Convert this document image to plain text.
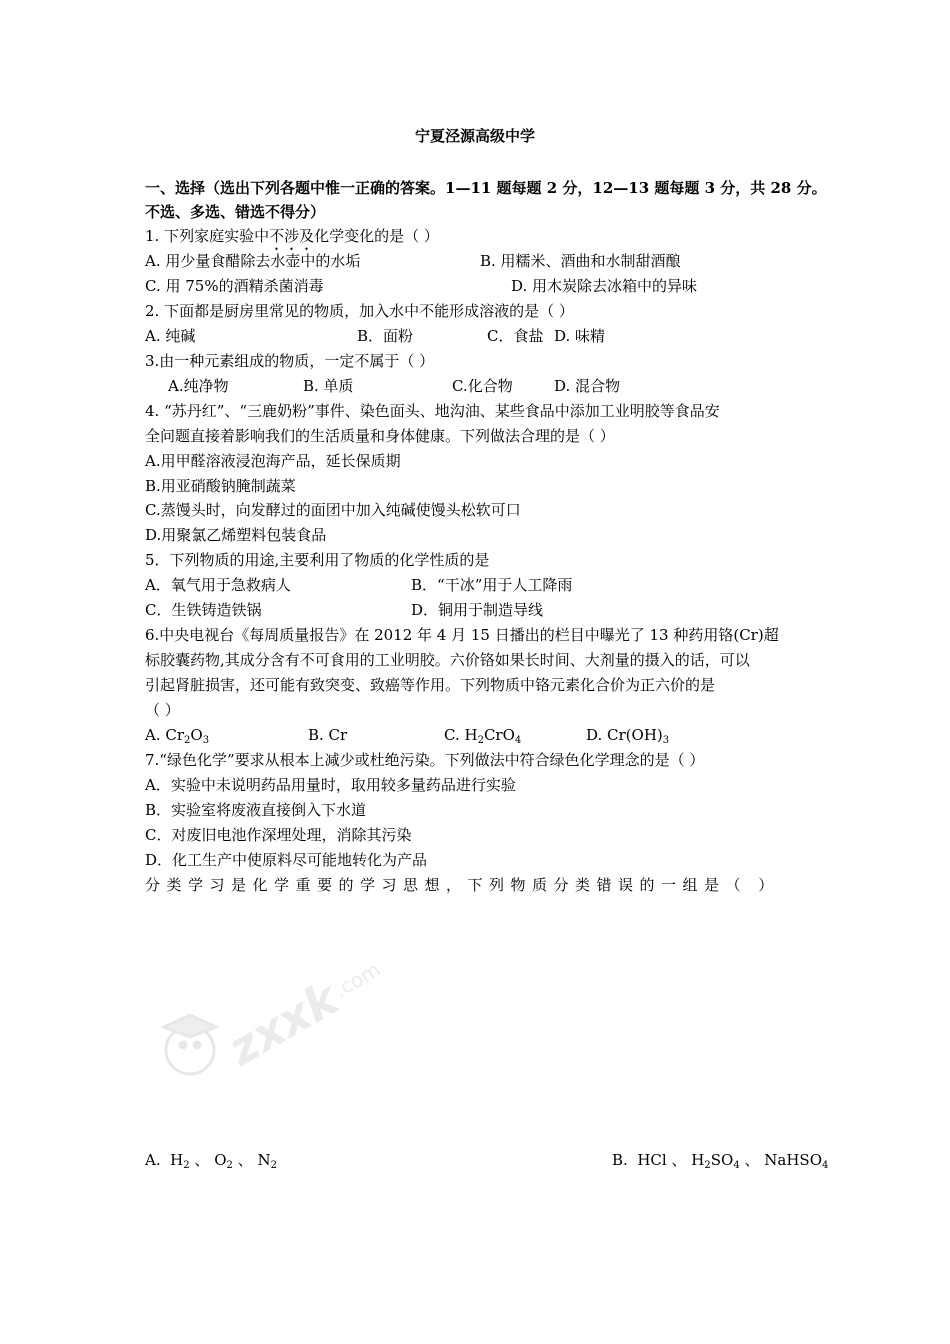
宁夏泾源高级中学
一、选择（选出下列各题中惟一正确的答案。1—11 题每题 2 分，12—13 题每题 3 分，共 28 分。
不选、多选、错选不得分）
1. 下列家庭实验中不涉及化学变化的是（ ）
A. 用少量食醋除去水壶中的水垢	B. 用糯米、酒曲和水制甜酒酿
C. 用 75%的酒精杀菌消毒	D. 用木炭除去冰箱中的异味
2. 下面都是厨房里常见的物质，加入水中不能形成溶液的是（ ）
A. 纯碱	B．面粉	C．食盐 D. 味精
3.由一种元素组成的物质，一定不属于（ ）
A.纯净物	B. 单质	C.化合物	D. 混合物
4. “苏丹红”、“三鹿奶粉”事件、染色面头、地沟油、某些食品中添加工业明胶等食品安
全问题直接着影响我们的生活质量和身体健康。下列做法合理的是（ ）
A.用甲醛溶液浸泡海产品，延长保质期
B.用亚硝酸钠腌制蔬菜
C.蒸馒头时，向发酵过的面团中加入纯碱使馒头松软可口
D.用聚氯乙烯塑料包装食品
5．下列物质的用途,主要利用了物质的化学性质的是
A．氧气用于急救病人	B．“干冰”用于人工降雨
C．生铁铸造铁锅	D．铜用于制造导线
6.中央电视台《每周质量报告》在 2012 年 4 月 15 日播出的栏目中曝光了 13 种药用铬(Cr)超
标胶囊药物,其成分含有不可食用的工业明胶。六价铬如果长时间、大剂量的摄入的话，可以
引起肾脏损害，还可能有致突变、致癌等作用。下列物质中铬元素化合价为正六价的是
（ ）
A. $Cr_2O_3$	B. Cr	C. $H_2CrO_4$	D. $Cr(OH)_3$
7.“绿色化学”要求从根本上减少或杜绝污染。下列做法中符合绿色化学理念的是（ ）
A．实验中未说明药品用量时，取用较多量药品进行实验
B．实验室将废液直接倒入下水道
C．对废旧电池作深埋处理，消除其污染
D．化工生产中使原料尽可能地转化为产品
分类学习是化学重要的学习思想，下列物质分类错误的一组是（ ）
zxxk
.com
A. $H_2$ 、 $O_2$ 、 $N_2$	B. HCl 、 $H_2SO_4$ 、 NaHSO$_4$
